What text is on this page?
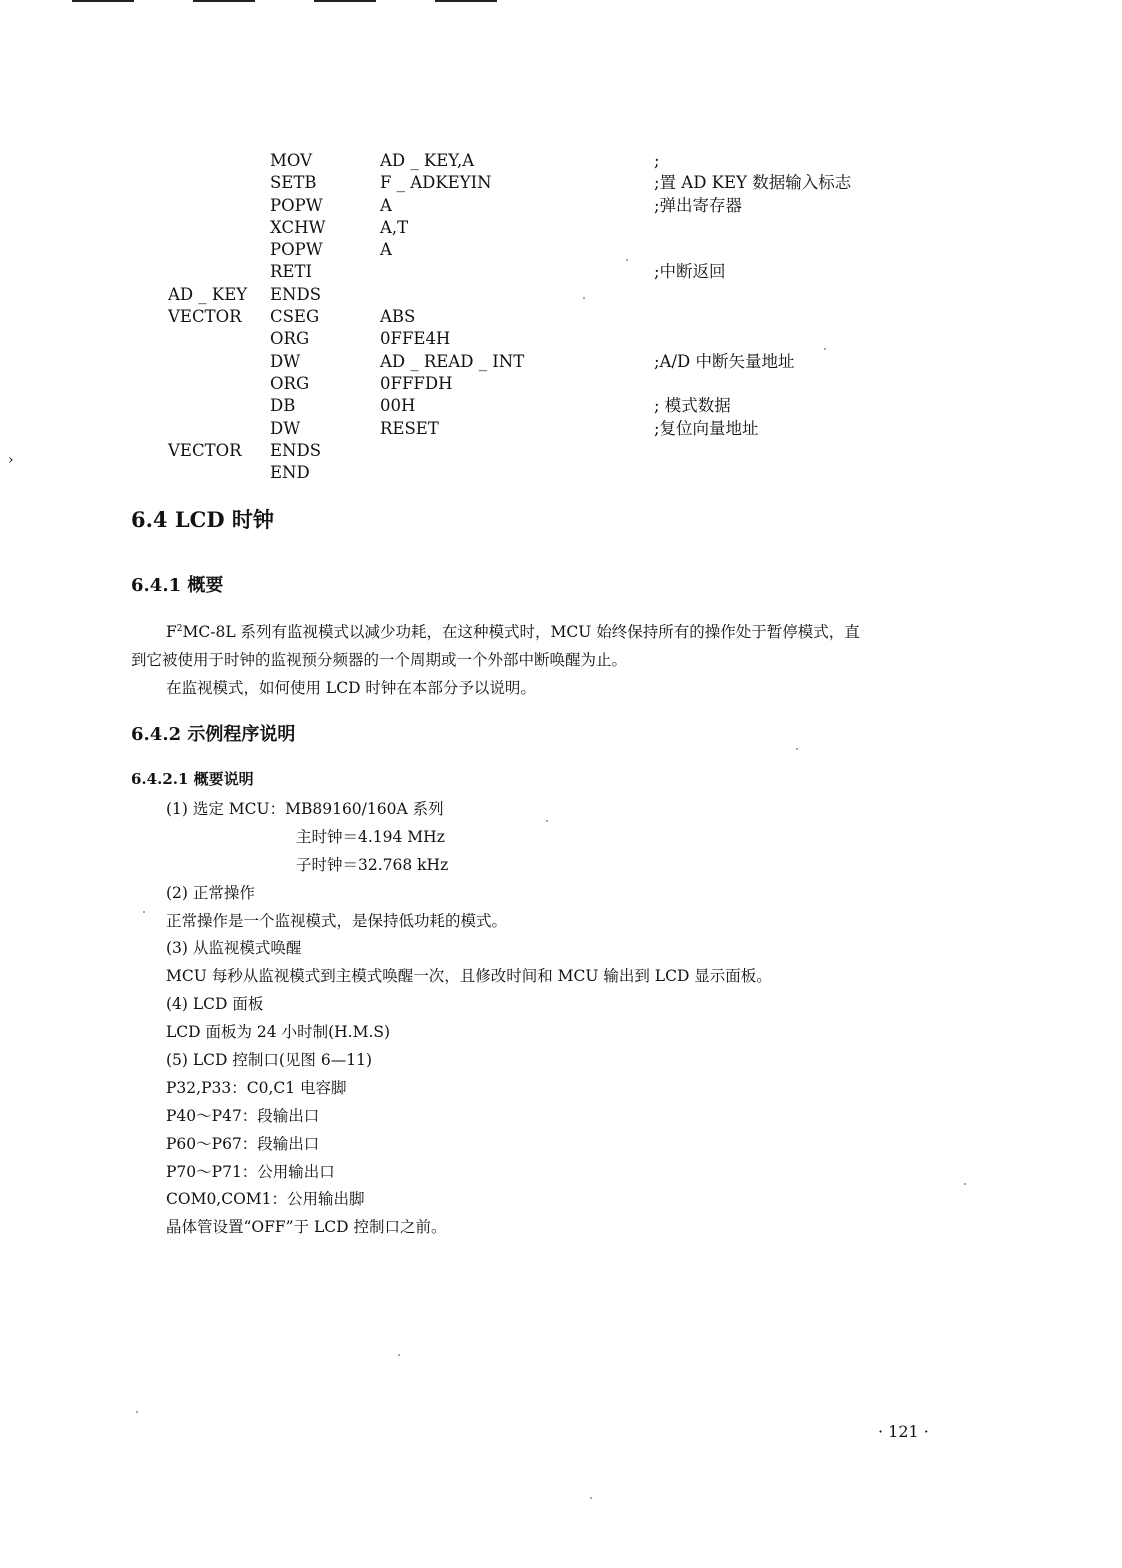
›
	MOV	AD _ KEY,A	;
	SETB	F _ ADKEYIN	;置 AD KEY 数据输入标志
	POPW	A	;弹出寄存器
	XCHW	A,T	
	POPW	A	
	RETI		;中断返回
AD _ KEY	ENDS		
VECTOR	CSEG	ABS	
	ORG	0FFE4H	
	DW	AD _ READ _ INT	;A/D 中断矢量地址
	ORG	0FFFDH	
	DB	00H	; 模式数据
	DW	RESET	;复位向量地址
VECTOR	ENDS		
	END		
6.4 LCD 时钟
6.4.1 概要
$F^2MC-8L$ 系列有监视模式以减少功耗，在这种模式时，MCU 始终保持所有的操作处于暂停模式，直
到它被使用于时钟的监视预分频器的一个周期或一个外部中断唤醒为止。
在监视模式，如何使用 LCD 时钟在本部分予以说明。
6.4.2 示例程序说明
6.4.2.1 概要说明
(1) 选定 MCU：MB89160/160A 系列
主时钟＝4.194 MHz
子时钟＝32.768 kHz
(2) 正常操作
正常操作是一个监视模式，是保持低功耗的模式。
(3) 从监视模式唤醒
MCU 每秒从监视模式到主模式唤醒一次，且修改时间和 MCU 输出到 LCD 显示面板。
(4) LCD 面板
LCD 面板为 24 小时制(H.M.S)
(5) LCD 控制口(见图 6—11)
P32,P33：C0,C1 电容脚
P40～P47：段输出口
P60～P67：段输出口
P70～P71：公用输出口
COM0,COM1：公用输出脚
晶体管设置“OFF”于 LCD 控制口之前。
· 121 ·
